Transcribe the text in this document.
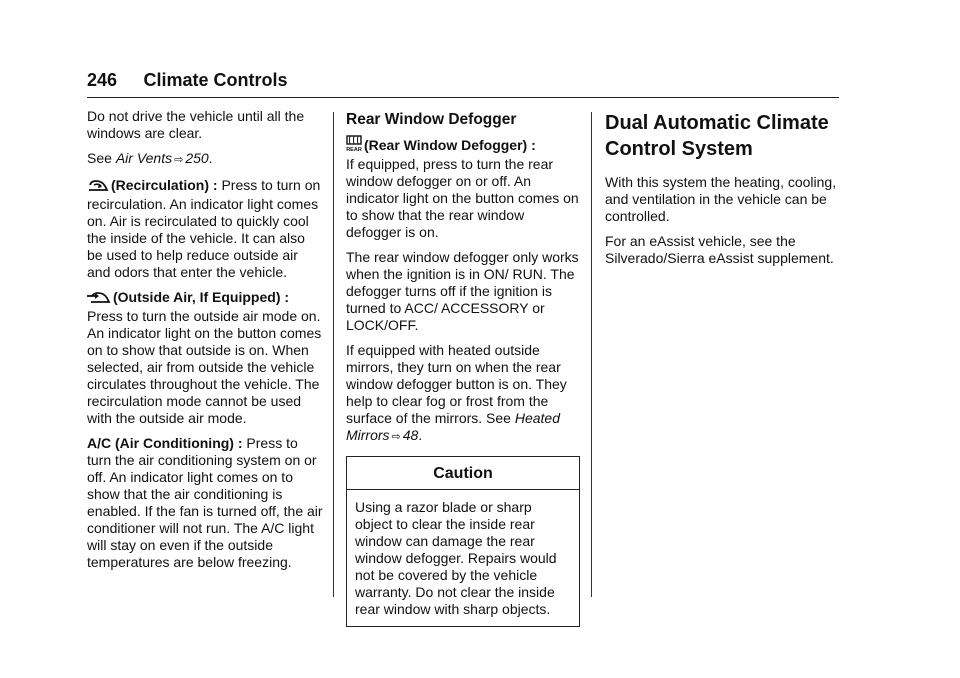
246 Climate Controls

Do not drive the vehicle until all the windows are clear.

See Air Vents ⇨ 250.

(Recirculation) : Press to turn on recirculation. An indicator light comes on. Air is recirculated to quickly cool the inside of the vehicle. It can also be used to help reduce outside air and odors that enter the vehicle.

(Outside Air, If Equipped) : Press to turn the outside air mode on. An indicator light on the button comes on to show that outside is on. When selected, air from outside the vehicle circulates throughout the vehicle. The recirculation mode cannot be used with the outside air mode.

A/C (Air Conditioning) : Press to turn the air conditioning system on or off. An indicator light comes on to show that the air conditioning is enabled. If the fan is turned off, the air conditioner will not run. The A/C light will stay on even if the outside temperatures are below freezing.

Rear Window Defogger

REAR (Rear Window Defogger) :
If equipped, press to turn the rear window defogger on or off. An indicator light on the button comes on to show that the rear window defogger is on.

The rear window defogger only works when the ignition is in ON/ RUN. The defogger turns off if the ignition is turned to ACC/ ACCESSORY or LOCK/OFF.

If equipped with heated outside mirrors, they turn on when the rear window defogger button is on. They help to clear fog or frost from the surface of the mirrors. See Heated Mirrors ⇨ 48.

Caution
Using a razor blade or sharp object to clear the inside rear window can damage the rear window defogger. Repairs would not be covered by the vehicle warranty. Do not clear the inside rear window with sharp objects.
Dual Automatic Climate Control System

With this system the heating, cooling, and ventilation in the vehicle can be controlled.

For an eAssist vehicle, see the Silverado/Sierra eAssist supplement.
